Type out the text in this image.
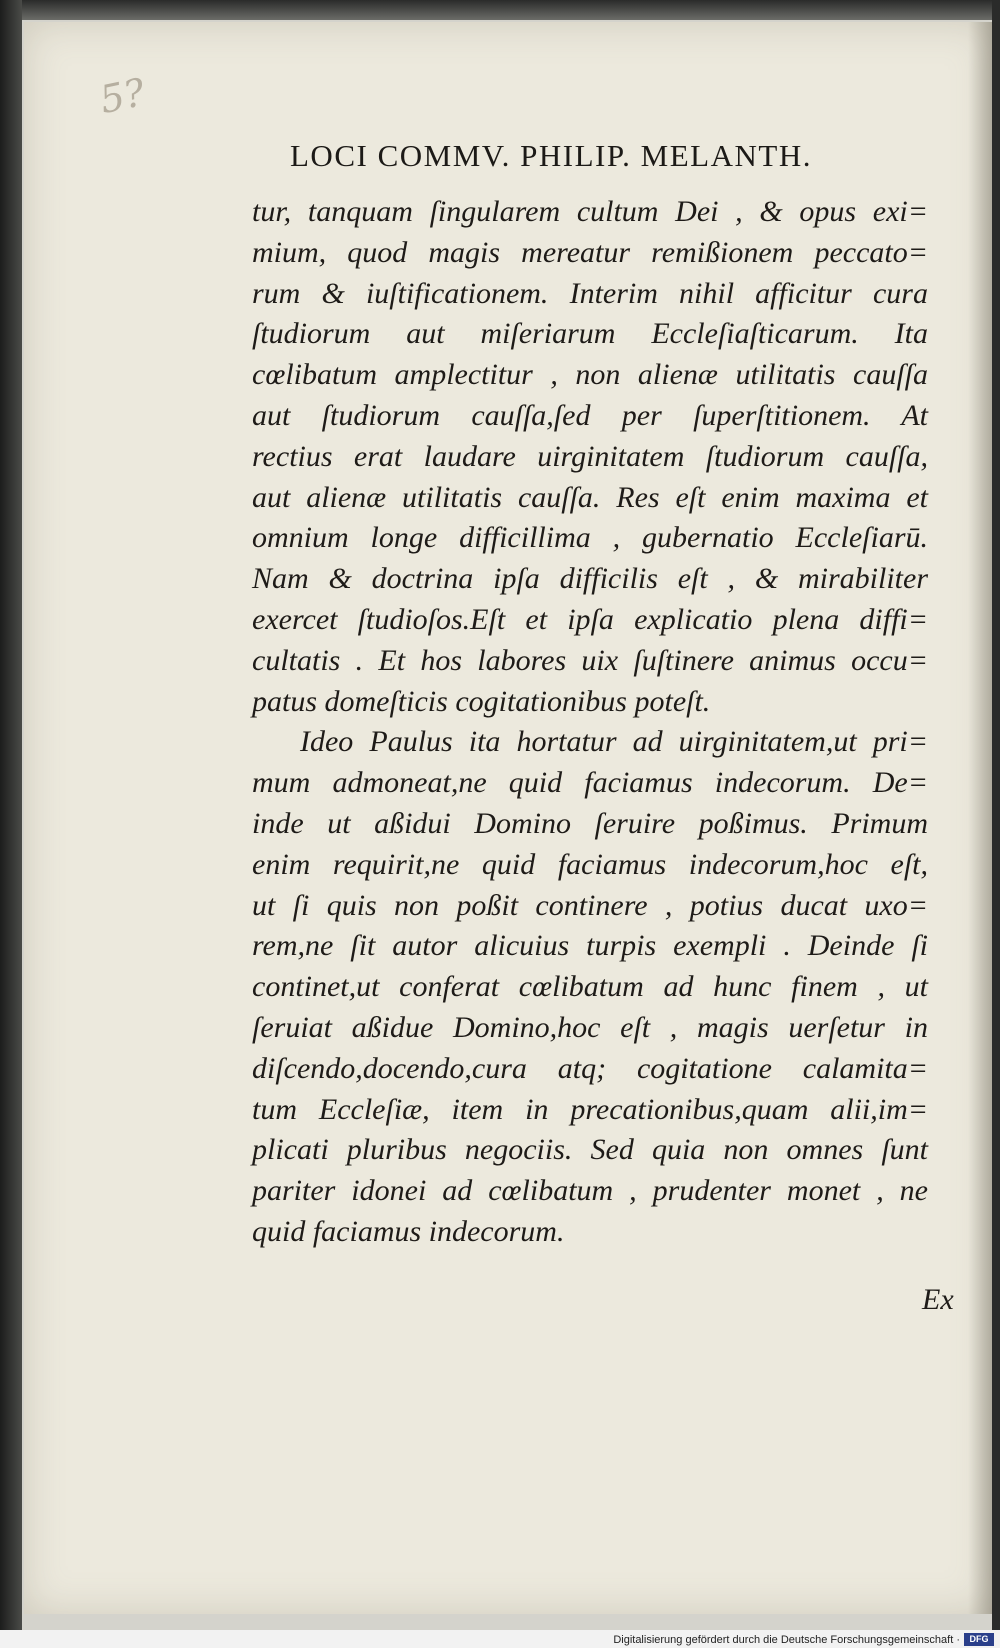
5?
LOCI COMMV. PHILIP. MELANTH.
tur, tanquam ſingularem cultum Dei , & opus exi=
mium, quod magis mereatur remißionem peccato=
rum & iuſtificationem. Interim nihil afficitur cura
ſtudiorum aut miſeriarum Eccleſiaſticarum. Ita
cœlibatum amplectitur , non alienæ utilitatis cauſſa
aut ſtudiorum cauſſa,ſed per ſuperſtitionem. At
rectius erat laudare uirginitatem ſtudiorum cauſſa,
aut alienæ utilitatis cauſſa. Res eſt enim maxima et
omnium longe difficillima , gubernatio Eccleſiarū.
Nam & doctrina ipſa difficilis eſt , & mirabiliter
exercet ſtudioſos.Eſt et ipſa explicatio plena diffi=
cultatis . Et hos labores uix ſuſtinere animus occu=
patus domeſticis cogitationibus poteſt.
Ideo Paulus ita hortatur ad uirginitatem,ut pri=
mum admoneat,ne quid faciamus indecorum. De=
inde ut aßidui Domino ſeruire poßimus. Primum
enim requirit,ne quid faciamus indecorum,hoc eſt,
ut ſi quis non poßit continere , potius ducat uxo=
rem,ne ſit autor alicuius turpis exempli . Deinde ſi
continet,ut conferat cœlibatum ad hunc finem , ut
ſeruiat aßidue Domino,hoc eſt , magis uerſetur in
diſcendo,docendo,cura atq; cogitatione calamita=
tum Eccleſiæ, item in precationibus,quam alii,im=
plicati pluribus negociis. Sed quia non omnes ſunt
pariter idonei ad cœlibatum , prudenter monet , ne
quid faciamus indecorum.
Ex
Digitalisierung gefördert durch die Deutsche Forschungsgemeinschaft ·	DFG
